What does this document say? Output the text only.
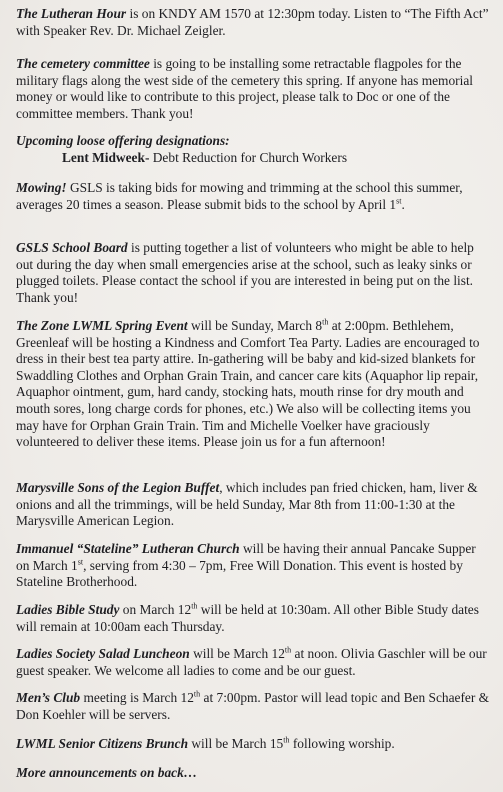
The Lutheran Hour is on KNDY AM 1570 at 12:30pm today. Listen to “The Fifth Act” with Speaker Rev. Dr. Michael Zeigler.

The cemetery committee is going to be installing some retractable flagpoles for the military flags along the west side of the cemetery this spring. If anyone has memorial money or would like to contribute to this project, please talk to Doc or one of the committee members. Thank you!

Upcoming loose offering designations:
Lent Midweek- Debt Reduction for Church Workers

Mowing! GSLS is taking bids for mowing and trimming at the school this summer, averages 20 times a season. Please submit bids to the school by April 1st.

GSLS School Board is putting together a list of volunteers who might be able to help out during the day when small emergencies arise at the school, such as leaky sinks or plugged toilets. Please contact the school if you are interested in being put on the list. Thank you!

The Zone LWML Spring Event will be Sunday, March 8th at 2:00pm. Bethlehem, Greenleaf will be hosting a Kindness and Comfort Tea Party. Ladies are encouraged to dress in their best tea party attire. In-gathering will be baby and kid-sized blankets for Swaddling Clothes and Orphan Grain Train, and cancer care kits (Aquaphor lip repair, Aquaphor ointment, gum, hard candy, stocking hats, mouth rinse for dry mouth and mouth sores, long charge cords for phones, etc.) We also will be collecting items you may have for Orphan Grain Train. Tim and Michelle Voelker have graciously volunteered to deliver these items. Please join us for a fun afternoon!

Marysville Sons of the Legion Buffet, which includes pan fried chicken, ham, liver & onions and all the trimmings, will be held Sunday, Mar 8th from 11:00-1:30 at the Marysville American Legion.

Immanuel “Stateline” Lutheran Church will be having their annual Pancake Supper on March 1st, serving from 4:30 – 7pm, Free Will Donation. This event is hosted by Stateline Brotherhood.

Ladies Bible Study on March 12th will be held at 10:30am. All other Bible Study dates will remain at 10:00am each Thursday.

Ladies Society Salad Luncheon will be March 12th at noon. Olivia Gaschler will be our guest speaker. We welcome all ladies to come and be our guest.

Men’s Club meeting is March 12th at 7:00pm. Pastor will lead topic and Ben Schaefer & Don Koehler will be servers.

LWML Senior Citizens Brunch will be March 15th following worship.

More announcements on back…
